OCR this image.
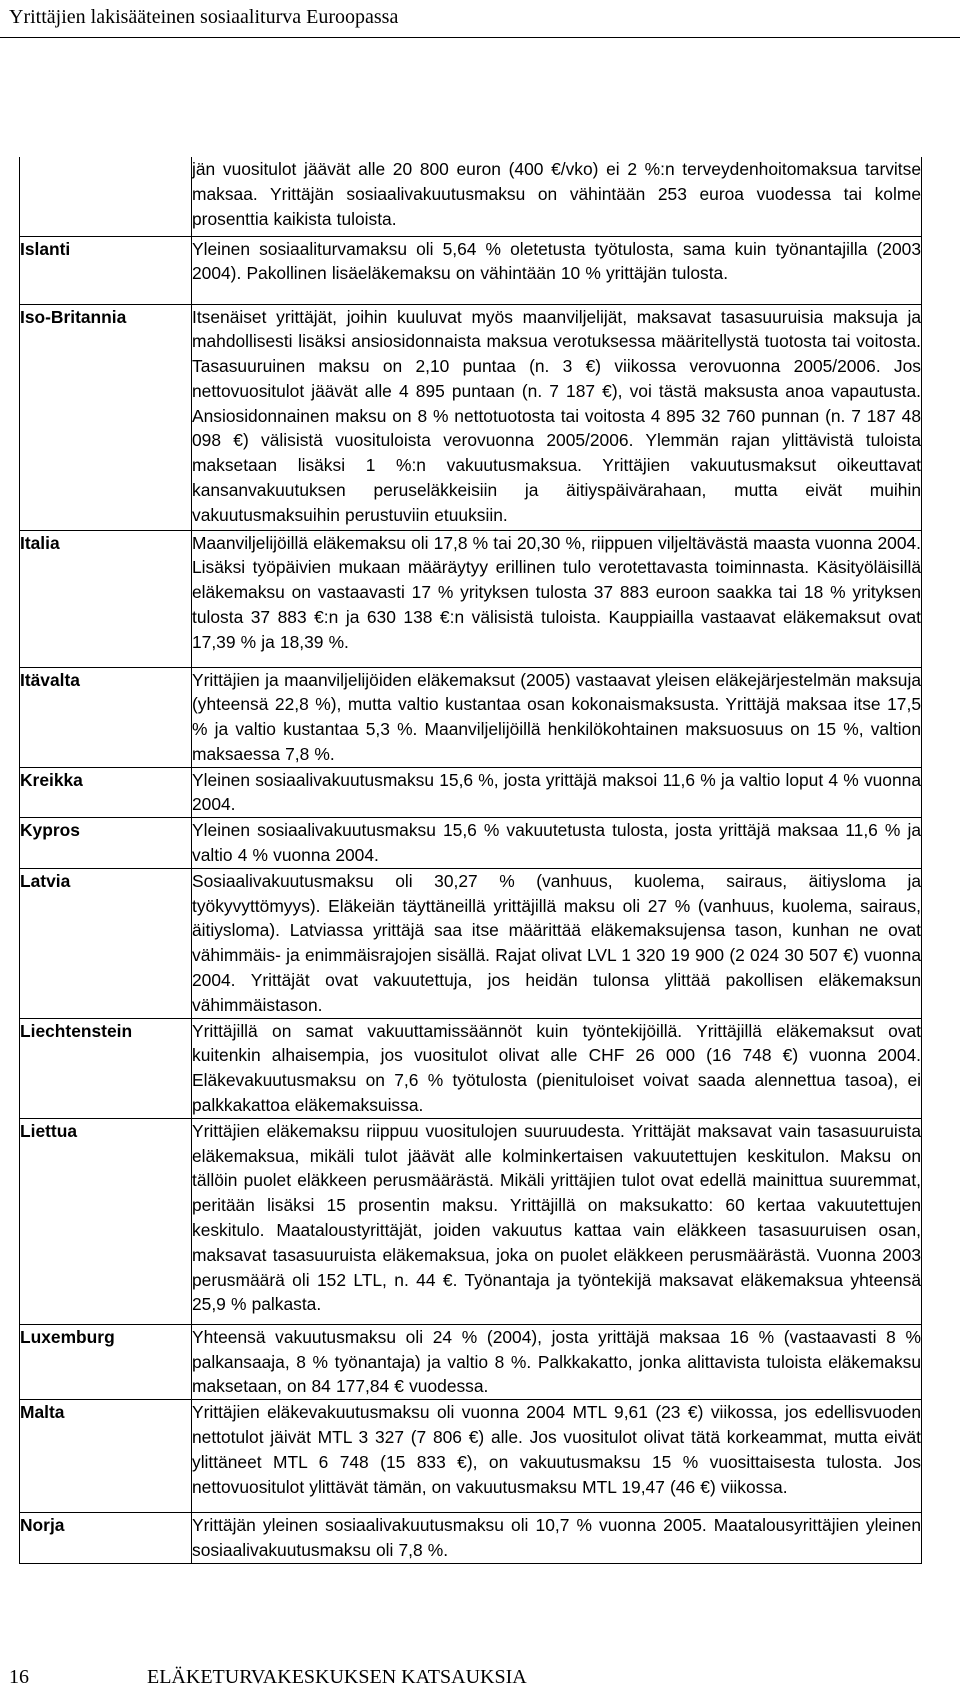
Yrittäjien lakisääteinen sosiaaliturva Euroopassa
	jän vuositulot jäävät alle 20 800 euron (400 €/vko) ei 2 %:n terveydenhoitomaksua tarvitse maksaa. Yrittäjän sosiaalivakuutusmaksu on vähintään 253 euroa vuodessa tai kolme prosenttia kaikista tuloista.
Islanti	Yleinen sosiaaliturvamaksu oli 5,64 % oletetusta työtulosta, sama kuin työnantajilla (2003 2004). Pakollinen lisäeläkemaksu on vähintään 10 % yrittäjän tulosta.
Iso-Britannia	Itsenäiset yrittäjät, joihin kuuluvat myös maanviljelijät, maksavat tasasuuruisia maksuja ja mahdollisesti lisäksi ansiosidonnaista maksua verotuksessa määritellystä tuotosta tai voitosta. Tasasuuruinen maksu on 2,10 puntaa (n. 3 €) viikossa verovuonna 2005/2006. Jos nettovuositulot jäävät alle 4 895 puntaan (n. 7 187 €), voi tästä maksusta anoa vapautusta. Ansiosidonnainen maksu on 8 % nettotuotosta tai voitosta 4 895 32 760 punnan (n. 7 187 48 098 €) välisistä vuosituloista verovuonna 2005/2006. Ylemmän rajan ylittävistä tuloista maksetaan lisäksi 1 %:n vakuutusmaksua. Yrittäjien vakuutusmaksut oikeuttavat kansanvakuutuksen peruseläkkeisiin ja äitiyspäivärahaan, mutta eivät muihin vakuutusmaksuihin perustuviin etuuksiin.
Italia	Maanviljelijöillä eläkemaksu oli 17,8 % tai 20,30 %, riippuen viljeltävästä maasta vuonna 2004. Lisäksi työpäivien mukaan määräytyy erillinen tulo verotettavasta toiminnasta. Käsityöläisillä eläkemaksu on vastaavasti 17 % yrityksen tulosta 37 883 euroon saakka tai 18 % yrityksen tulosta 37 883 €:n ja 630 138 €:n välisistä tuloista. Kauppiailla vastaavat eläkemaksut ovat 17,39 % ja 18,39 %.
Itävalta	Yrittäjien ja maanviljelijöiden eläkemaksut (2005) vastaavat yleisen eläkejärjestelmän maksuja (yhteensä 22,8 %), mutta valtio kustantaa osan kokonaismaksusta. Yrittäjä maksaa itse 17,5 % ja valtio kustantaa 5,3 %. Maanviljelijöillä henkilökohtainen maksuosuus on 15 %, valtion maksaessa 7,8 %.
Kreikka	Yleinen sosiaalivakuutusmaksu 15,6 %, josta yrittäjä maksoi 11,6 % ja valtio loput 4 % vuonna 2004.
Kypros	Yleinen sosiaalivakuutusmaksu 15,6 % vakuutetusta tulosta, josta yrittäjä maksaa 11,6 % ja valtio 4 % vuonna 2004.
Latvia	Sosiaalivakuutusmaksu oli 30,27 % (vanhuus, kuolema, sairaus, äitiysloma ja työkyvyttömyys). Eläkeiän täyttäneillä yrittäjillä maksu oli 27 % (vanhuus, kuolema, sairaus, äitiysloma). Latviassa yrittäjä saa itse määrittää eläkemaksujensa tason, kunhan ne ovat vähimmäis- ja enimmäisrajojen sisällä. Rajat olivat LVL 1 320 19 900 (2 024 30 507 €) vuonna 2004. Yrittäjät ovat vakuutettuja, jos heidän tulonsa ylittää pakollisen eläkemaksun vähimmäistason.
Liechtenstein	Yrittäjillä on samat vakuuttamissäännöt kuin työntekijöillä. Yrittäjillä eläkemaksut ovat kuitenkin alhaisempia, jos vuositulot olivat alle CHF 26 000 (16 748 €) vuonna 2004. Eläkevakuutusmaksu on 7,6 % työtulosta (pienituloiset voivat saada alennettua tasoa), ei palkkakattoa eläkemaksuissa.
Liettua	Yrittäjien eläkemaksu riippuu vuositulojen suuruudesta. Yrittäjät maksavat vain tasasuuruista eläkemaksua, mikäli tulot jäävät alle kolminkertaisen vakuutettujen keskitulon. Maksu on tällöin puolet eläkkeen perusmäärästä. Mikäli yrittäjien tulot ovat edellä mainittua suuremmat, peritään lisäksi 15 prosentin maksu. Yrittäjillä on maksukatto: 60 kertaa vakuutettujen keskitulo. Maataloustyrittäjät, joiden vakuutus kattaa vain eläkkeen tasasuuruisen osan, maksavat tasasuuruista eläkemaksua, joka on puolet eläkkeen perusmäärästä. Vuonna 2003 perusmäärä oli 152 LTL, n. 44 €. Työnantaja ja työntekijä maksavat eläkemaksua yhteensä 25,9 % palkasta.
Luxemburg	Yhteensä vakuutusmaksu oli 24 % (2004), josta yrittäjä maksaa 16 % (vastaavasti 8 % palkansaaja, 8 % työnantaja) ja valtio 8 %. Palkkakatto, jonka alittavista tuloista eläkemaksu maksetaan, on 84 177,84 € vuodessa.
Malta	Yrittäjien eläkevakuutusmaksu oli vuonna 2004 MTL 9,61 (23 €) viikossa, jos edellisvuoden nettotulot jäivät MTL 3 327 (7 806 €) alle. Jos vuositulot olivat tätä korkeammat, mutta eivät ylittäneet MTL 6 748 (15 833 €), on vakuutusmaksu 15 % vuosittaisesta tulosta. Jos nettovuositulot ylittävät tämän, on vakuutusmaksu MTL 19,47 (46 €) viikossa.
Norja	Yrittäjän yleinen sosiaalivakuutusmaksu oli 10,7 % vuonna 2005. Maatalousyrittäjien yleinen sosiaalivakuutusmaksu oli 7,8 %.
16	ELÄKETURVAKESKUKSEN KATSAUKSIA
